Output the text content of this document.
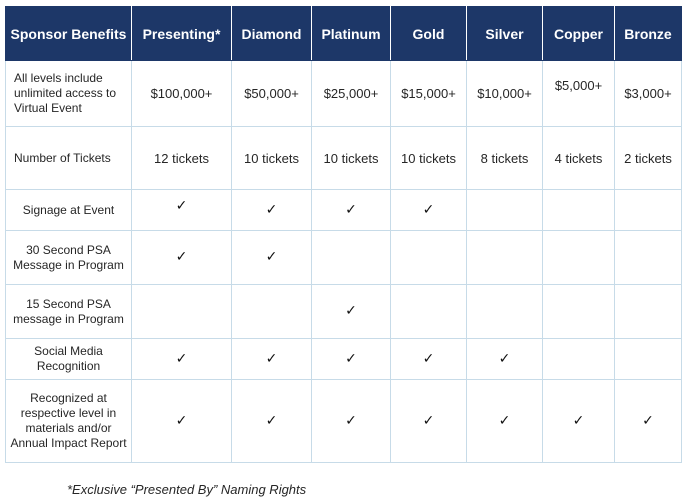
Sponsor Benefits	Presenting*	Diamond	Platinum	Gold	Silver	Copper	Bronze
All levels include unlimited access to Virtual Event	$100,000+	$50,000+	$25,000+	$15,000+	$10,000+	$5,000+	$3,000+
Number of Tickets	12 tickets	10 tickets	10 tickets	10 tickets	8 tickets	4 tickets	2 tickets
Signage at Event	✓	✓	✓	✓			
30 Second PSA Message in Program	✓	✓					
15 Second PSA message in Program			✓				
Social Media Recognition	✓	✓	✓	✓	✓		
Recognized at respective level in materials and/or Annual Impact Report	✓	✓	✓	✓	✓	✓	✓
*Exclusive “Presented By” Naming Rights
